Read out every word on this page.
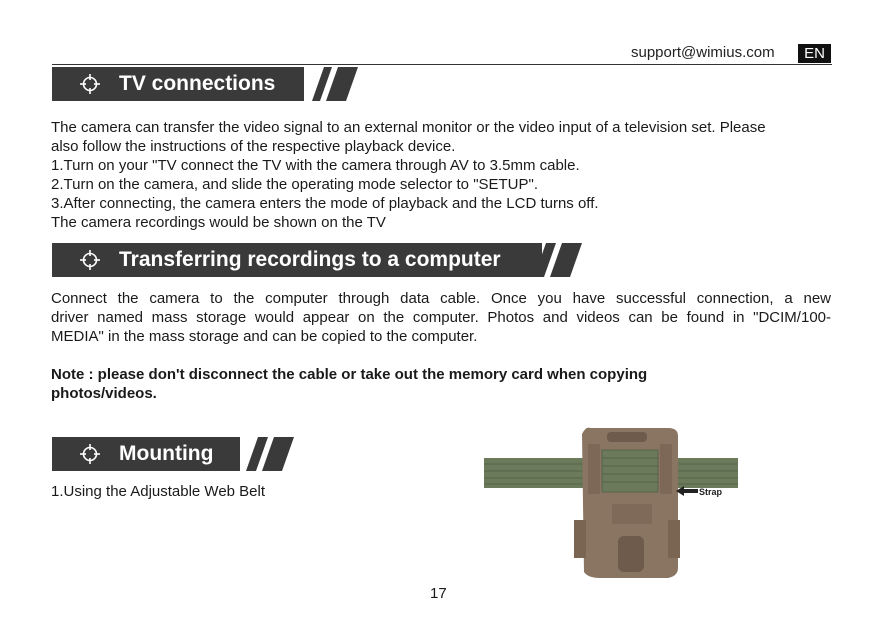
support@wimius.com	EN
TV connections
The camera can transfer the video signal to an external monitor or the video input of a television set. Please
also follow the instructions of the respective playback device.
1.Turn on your "TV connect the TV with the camera through AV to 3.5mm cable.
2.Turn on the camera, and slide the operating mode selector to "SETUP".
3.After connecting, the camera enters the mode of playback and the LCD turns off.
The camera recordings would be shown on the TV
Transferring recordings to a computer
Connect the camera to the computer through data cable. Once you have successful connection, a new
driver named mass storage would appear on the computer. Photos and videos can be found in "DCIM/100-
MEDIA" in the mass storage and can be copied to the computer.
Note : please don't disconnect the cable or take out the memory card when copying
photos/videos.
Mounting
1.Using the Adjustable Web Belt	Strap
17
